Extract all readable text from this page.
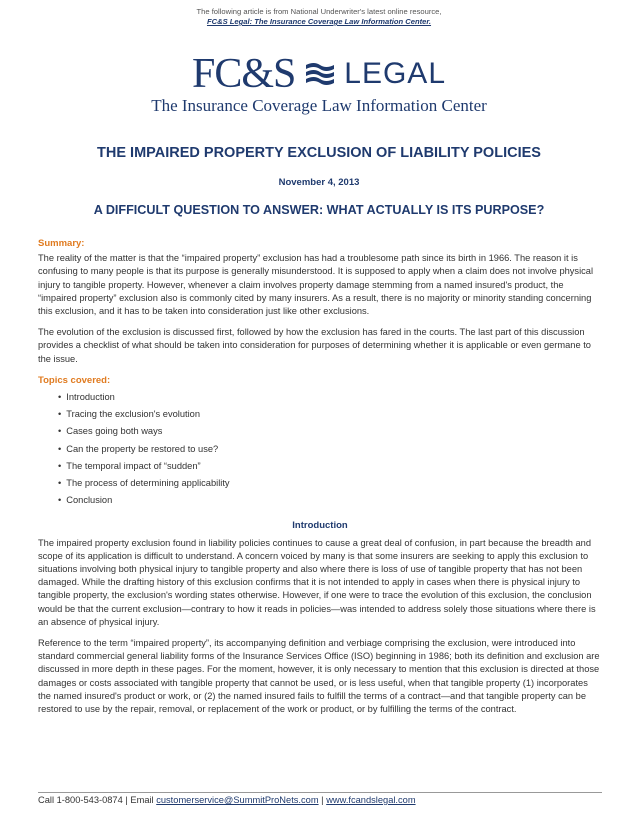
The following article is from National Underwriter's latest online resource,
FC&S Legal: The Insurance Coverage Law Information Center.
FC&S LEGAL
The Insurance Coverage Law Information Center
THE IMPAIRED PROPERTY EXCLUSION OF LIABILITY POLICIES
November 4, 2013
A DIFFICULT QUESTION TO ANSWER: WHAT ACTUALLY IS ITS PURPOSE?
Summary:

The reality of the matter is that the “impaired property” exclusion has had a troublesome path since its birth in 1966. The reason it is confusing to many people is that its purpose is generally misunderstood. It is supposed to apply when a claim does not involve physical injury to tangible property. However, whenever a claim involves property damage stemming from a named insured's product, the “impaired property” exclusion also is commonly cited by many insurers. As a result, there is no majority or minority standing concerning this exclusion, and it has to be taken into consideration just like other exclusions.

The evolution of the exclusion is discussed first, followed by how the exclusion has fared in the courts. The last part of this discussion provides a checklist of what should be taken into consideration for purposes of determining whether it is applicable or even germane to the issue.

Topics covered:
• Introduction
• Tracing the exclusion's evolution
• Cases going both ways
• Can the property be restored to use?
• The temporal impact of “sudden”
• The process of determining applicability
• Conclusion
Introduction

The impaired property exclusion found in liability policies continues to cause a great deal of confusion, in part because the breadth and scope of its application is difficult to understand. A concern voiced by many is that some insurers are seeking to apply this exclusion to situations involving both physical injury to tangible property and also where there is loss of use of tangible property that has not been damaged. While the drafting history of this exclusion confirms that it is not intended to apply in cases when there is physical injury to tangible property, the exclusion's wording states otherwise. However, if one were to trace the evolution of this exclusion, the conclusion would be that the current exclusion—contrary to how it reads in policies—was intended to address solely those situations where there is an absence of physical injury.

Reference to the term “impaired property”, its accompanying definition and verbiage comprising the exclusion, were introduced into standard commercial general liability forms of the Insurance Services Office (ISO) beginning in 1986; both its definition and exclusion are discussed in more depth in these pages. For the moment, however, it is only necessary to mention that this exclusion is directed at those damages or costs associated with tangible property that cannot be used, or is less useful, when that tangible property (1) incorporates the named insured's product or work, or (2) the named insured fails to fulfill the terms of a contract—and that tangible property can be restored to use by the repair, removal, or replacement of the work or product, or by fulfilling the terms of the contract.

Call 1-800-543-0874 | Email customerservice@SummitProNets.com | www.fcandslegal.com
